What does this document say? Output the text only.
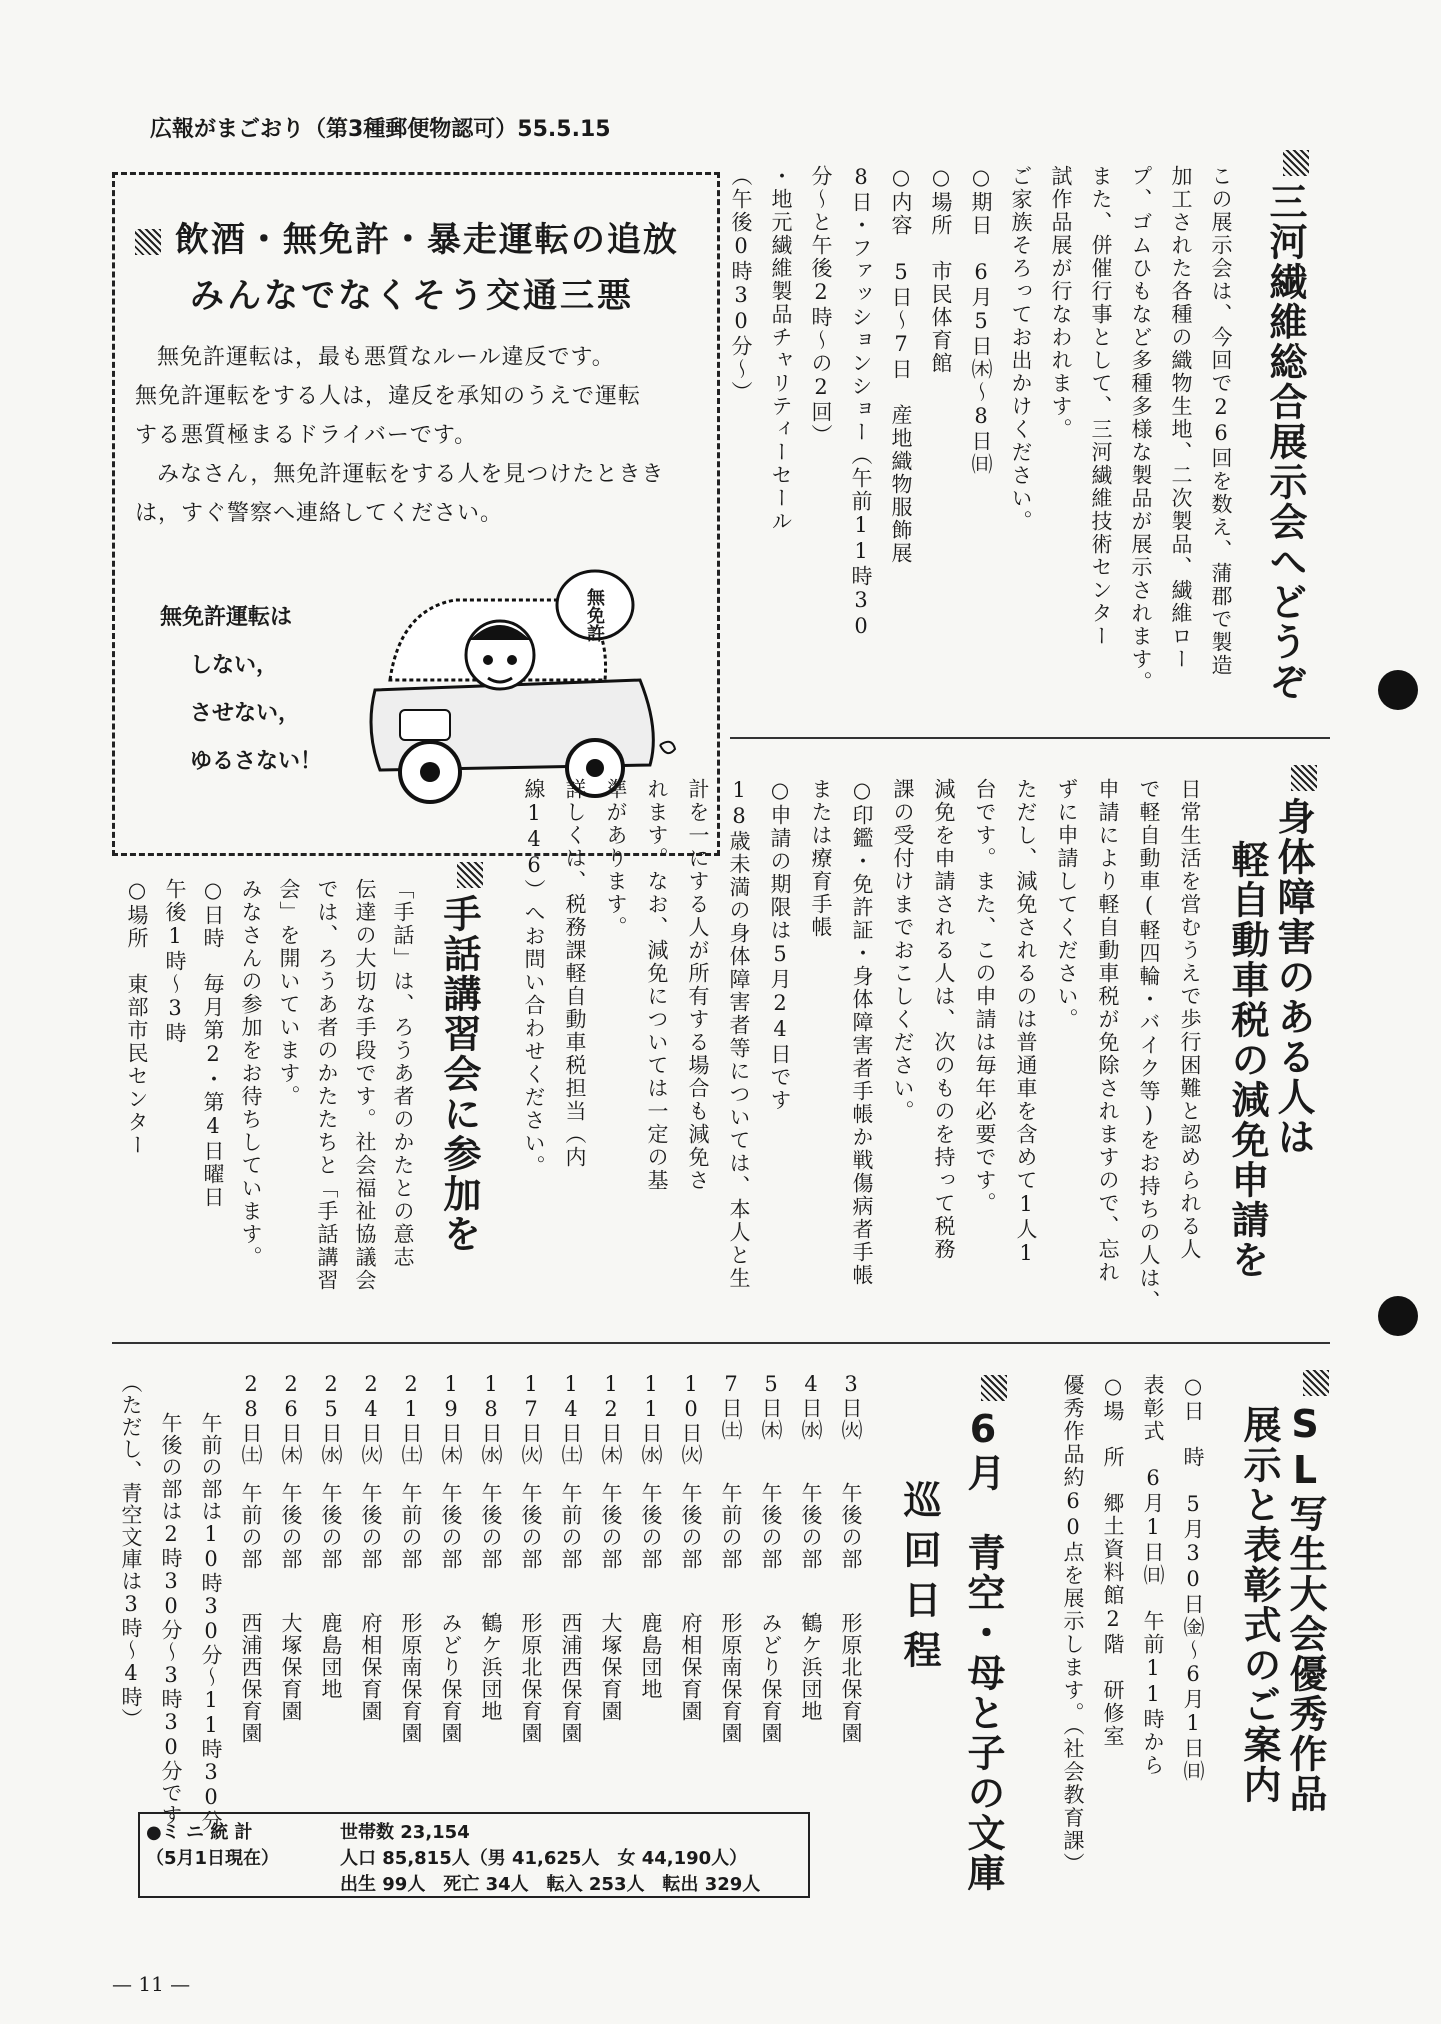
広報がまごおり（第3種郵便物認可）55.5.15
飲酒・無免許・暴走運転の追放
みんなでなくそう交通三悪
無免許運転は，最も悪質なルール違反です。
無免許運転をする人は，違反を承知のうえで運転
する悪質極まるドライバーです。
みなさん，無免許運転をする人を見つけたときき
は，すぐ警察へ連絡してください。
無免許運転は
しない，
させない，
ゆるさない！
無免許	三河繊維総合展示会へどうぞ
この展示会は、今回で26回を数え、蒲郡で製造
加工された各種の織物生地、二次製品、繊維ロー
プ、ゴムひもなど多種多様な製品が展示されます。
また、併催行事として、三河繊維技術センター
試作品展が行なわれます。
ご家族そろってお出かけください。
○期日　6月5日㈭〜8日㈰
○場所　市民体育館
○内容　5日〜7日　産地織物服飾展
8日・ファッションショー（午前11時30
分〜と午後2時〜の2回）
・地元繊維製品チャリティーセール
（午後0時30分〜）
身体障害のある人は
軽自動車税の減免申請を
日常生活を営むうえで歩行困難と認められる人
で軽自動車(軽四輪・バイク等)をお持ちの人は、
申請により軽自動車税が免除されますので、忘れ
ずに申請してください。
ただし、減免されるのは普通車を含めて1人1
台です。また、この申請は毎年必要です。
減免を申請される人は、次のものを持って税務
課の受付けまでおこしください。
○印鑑・免許証・身体障害者手帳か戦傷病者手帳
または療育手帳
○申請の期限は5月24日です
18歳未満の身体障害者等については、本人と生
計を一にする人が所有する場合も減免さ
れます。なお、減免については一定の基
準があります。
詳しくは、税務課軽自動車税担当（内
線146）へお問い合わせください。
手話講習会に参加を
「手話」は、ろうあ者のかたとの意志
伝達の大切な手段です。社会福祉協議会
では、ろうあ者のかたたちと「手話講習
会」を開いています。
みなさんの参加をお待ちしています。
○日時　毎月第2・第4日曜日
午後1時〜3時
○場所　東部市民センター
SL写生大会優秀作品
展示と表彰式のご案内
○日　時　5月30日㈮〜6月1日㈰
表彰式　6月1日㈰　午前11時から
○場　所　郷土資料館2階　研修室
優秀作品約60点を展示します。（社会教育課）
6月　青空・母と子の文庫
巡回日程
3日㈫
午後の部
形原北保育園
4日㈬
午後の部
鶴ケ浜団地
5日㈭
午後の部
みどり保育園
7日㈯
午前の部
形原南保育園
10日㈫
午後の部
府相保育園
11日㈬
午後の部
鹿島団地
12日㈭
午後の部
大塚保育園
14日㈯
午前の部
西浦西保育園
17日㈫
午後の部
形原北保育園
18日㈬
午後の部
鶴ケ浜団地
19日㈭
午後の部
みどり保育園
21日㈯
午前の部
形原南保育園
24日㈫
午後の部
府相保育園
25日㈬
午後の部
鹿島団地
26日㈭
午後の部
大塚保育園
28日㈯
午前の部
西浦西保育園
午前の部は10時30分〜11時30分
午後の部は2時30分〜3時30分です
（ただし、青空文庫は3時〜4時）
●ミ ニ 統 計
（5月1日現在）
世帯数 23,154
人口 85,815人（男 41,625人　女 44,190人）
出生 99人　死亡 34人　転入 253人　転出 329人
— 11 —
